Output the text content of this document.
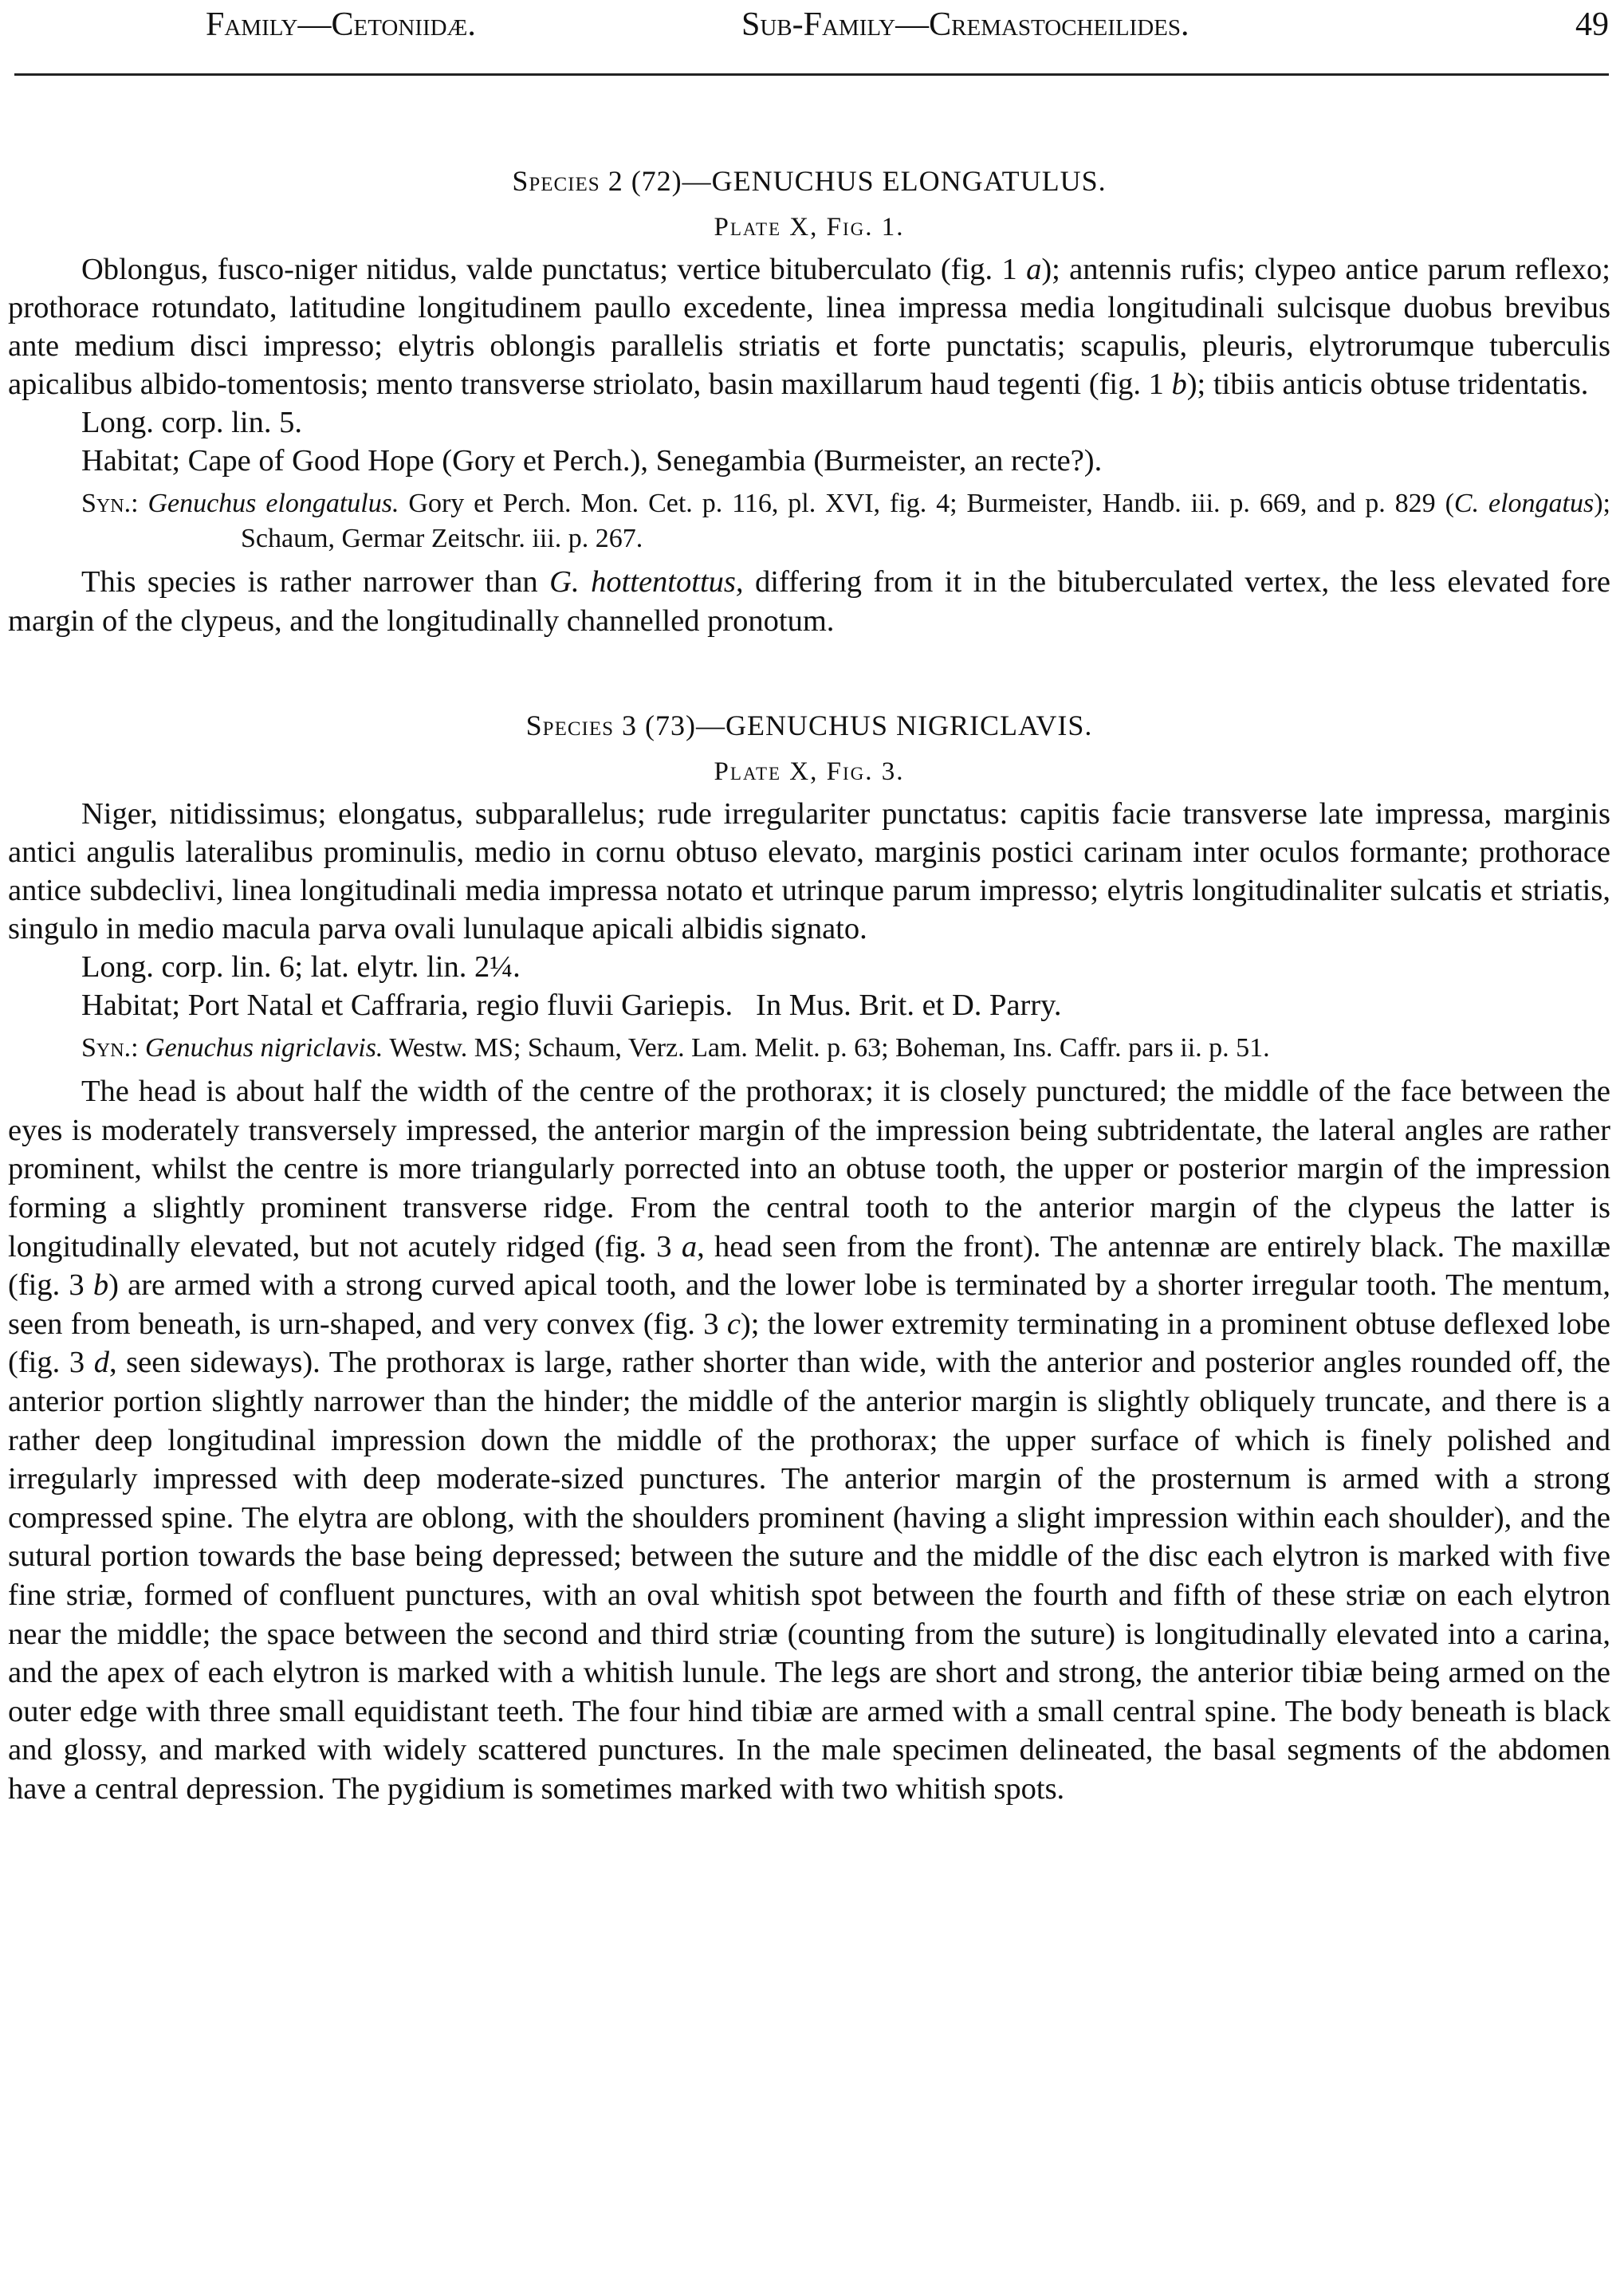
Family—Cetoniidæ.	Sub-Family—Cremastocheilides.	49

Species 2 (72)—GENUCHUS ELONGATULUS.

Plate X, Fig. 1.

Oblongus, fusco-niger nitidus, valde punctatus; vertice bituberculato (fig. 1 a); antennis rufis; clypeo antice parum reflexo; prothorace rotundato, latitudine longitudinem paullo excedente, linea impressa media longitudinali sulcisque duobus brevibus ante medium disci impresso; elytris oblongis parallelis striatis et forte punctatis; scapulis, pleuris, elytrorumque tuberculis apicalibus albido-tomentosis; mento transverse striolato, basin maxillarum haud tegenti (fig. 1 b); tibiis anticis obtuse tridentatis.

Long. corp. lin. 5.

Habitat; Cape of Good Hope (Gory et Perch.), Senegambia (Burmeister, an recte?).

Syn.: Genuchus elongatulus. Gory et Perch. Mon. Cet. p. 116, pl. XVI, fig. 4; Burmeister, Handb. iii. p. 669, and p. 829 (C. elongatus); Schaum, Germar Zeitschr. iii. p. 267.

This species is rather narrower than G. hottentottus, differing from it in the bituberculated vertex, the less elevated fore margin of the clypeus, and the longitudinally channelled pronotum.

Species 3 (73)—GENUCHUS NIGRICLAVIS.

Plate X, Fig. 3.

Niger, nitidissimus; elongatus, subparallelus; rude irregulariter punctatus: capitis facie transverse late impressa, marginis antici angulis lateralibus prominulis, medio in cornu obtuso elevato, marginis postici carinam inter oculos formante; prothorace antice subdeclivi, linea longitudinali media impressa notato et utrinque parum impresso; elytris longitudinaliter sulcatis et striatis, singulo in medio macula parva ovali lunulaque apicali albidis signato.

Long. corp. lin. 6; lat. elytr. lin. 2¼.

Habitat; Port Natal et Caffraria, regio fluvii Gariepis.   In Mus. Brit. et D. Parry.

Syn.: Genuchus nigriclavis. Westw. MS; Schaum, Verz. Lam. Melit. p. 63; Boheman, Ins. Caffr. pars ii. p. 51.

The head is about half the width of the centre of the prothorax; it is closely punctured; the middle of the face between the eyes is moderately transversely impressed, the anterior margin of the impression being subtridentate, the lateral angles are rather prominent, whilst the centre is more triangularly porrected into an obtuse tooth, the upper or posterior margin of the impression forming a slightly prominent transverse ridge. From the central tooth to the anterior margin of the clypeus the latter is longitudinally elevated, but not acutely ridged (fig. 3 a, head seen from the front). The antennæ are entirely black. The maxillæ (fig. 3 b) are armed with a strong curved apical tooth, and the lower lobe is terminated by a shorter irregular tooth. The mentum, seen from beneath, is urn-shaped, and very convex (fig. 3 c); the lower extremity terminating in a prominent obtuse deflexed lobe (fig. 3 d, seen sideways). The prothorax is large, rather shorter than wide, with the anterior and posterior angles rounded off, the anterior portion slightly narrower than the hinder; the middle of the anterior margin is slightly obliquely truncate, and there is a rather deep longitudinal impression down the middle of the prothorax; the upper surface of which is finely polished and irregularly impressed with deep moderate-sized punctures. The anterior margin of the prosternum is armed with a strong compressed spine. The elytra are oblong, with the shoulders prominent (having a slight impression within each shoulder), and the sutural portion towards the base being depressed; between the suture and the middle of the disc each elytron is marked with five fine striæ, formed of confluent punctures, with an oval whitish spot between the fourth and fifth of these striæ on each elytron near the middle; the space between the second and third striæ (counting from the suture) is longitudinally elevated into a carina, and the apex of each elytron is marked with a whitish lunule. The legs are short and strong, the anterior tibiæ being armed on the outer edge with three small equidistant teeth. The four hind tibiæ are armed with a small central spine. The body beneath is black and glossy, and marked with widely scattered punctures. In the male specimen delineated, the basal segments of the abdomen have a central depression. The pygidium is sometimes marked with two whitish spots.
